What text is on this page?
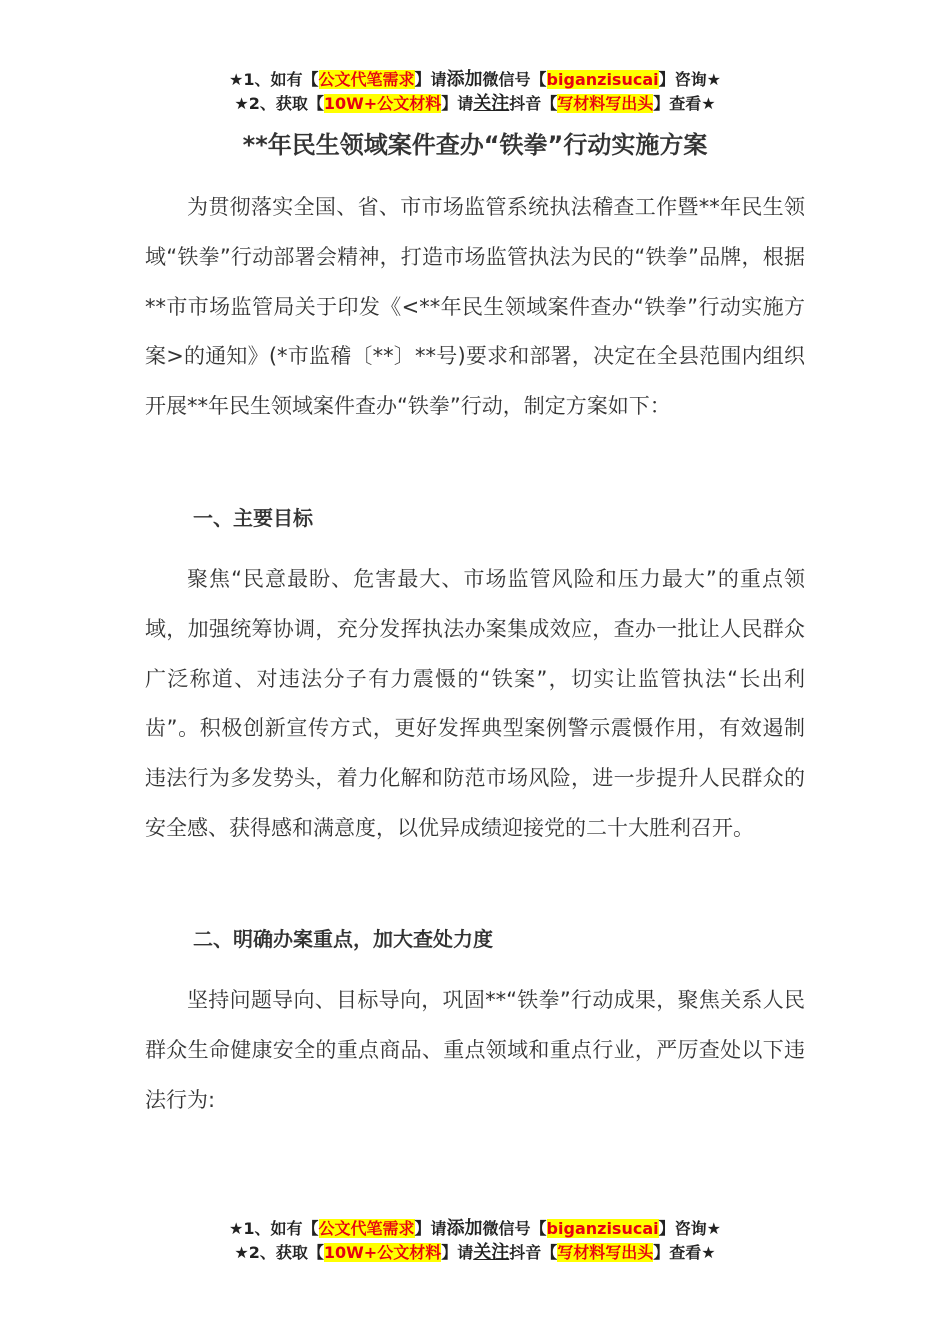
★1、如有【公文代笔需求】请添加微信号【biganzisucai】咨询★
★2、获取【10W+公文材料】请关注抖音【写材料写出头】查看★
**年民生领域案件查办“铁拳”行动实施方案

为贯彻落实全国、省、市市场监管系统执法稽查工作暨**年民生领域“铁拳”行动部署会精神，打造市场监管执法为民的“铁拳”品牌，根据**市市场监管局关于印发《<**年民生领域案件查办“铁拳”行动实施方案>的通知》(*市监稽〔**〕**号)要求和部署，决定在全县范围内组织开展**年民生领域案件查办“铁拳”行动，制定方案如下：

一、主要目标

聚焦“民意最盼、危害最大、市场监管风险和压力最大”的重点领域，加强统筹协调，充分发挥执法办案集成效应，查办一批让人民群众广泛称道、对违法分子有力震慑的“铁案”，切实让监管执法“长出利齿”。积极创新宣传方式，更好发挥典型案例警示震慑作用，有效遏制违法行为多发势头，着力化解和防范市场风险，进一步提升人民群众的安全感、获得感和满意度，以优异成绩迎接党的二十大胜利召开。

二、明确办案重点，加大查处力度

坚持问题导向、目标导向，巩固**“铁拳”行动成果，聚焦关系人民群众生命健康安全的重点商品、重点领域和重点行业，严厉查处以下违法行为:

★1、如有【公文代笔需求】请添加微信号【biganzisucai】咨询★
★2、获取【10W+公文材料】请关注抖音【写材料写出头】查看★
